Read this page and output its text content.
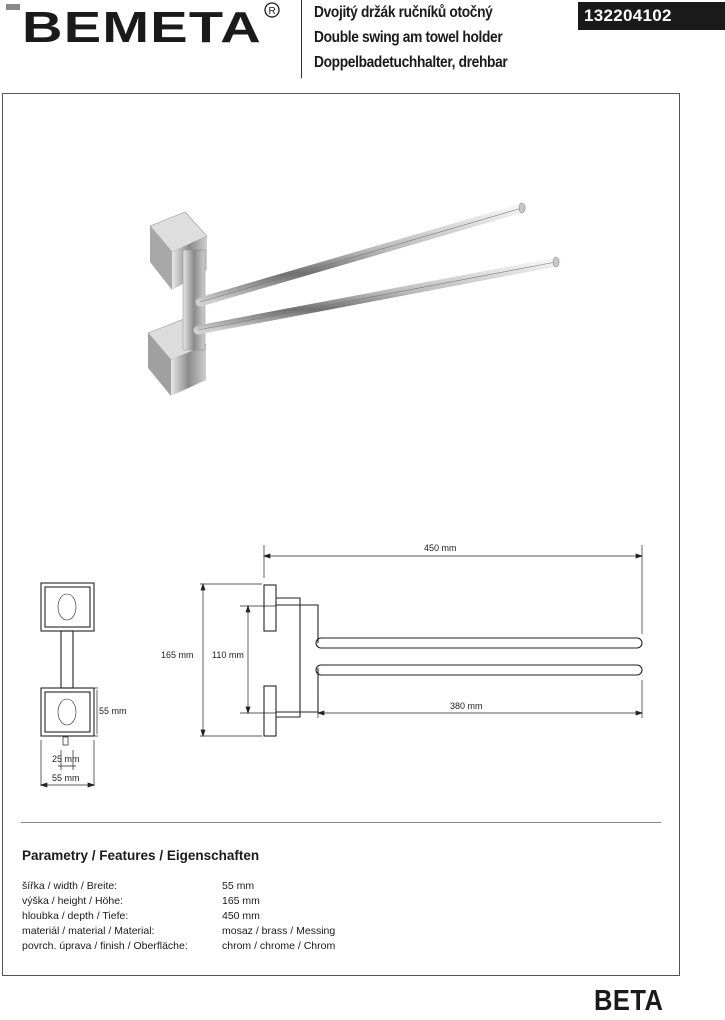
BEMETA R Dvojitý držák ručníků otočný
Double swing am towel holder
Doppelbadetuchhalter, drehbar
132204102
450 mm
380 mm
165 mm 110 mm
55 mm
25 mm
55 mm
Parametry / Features / Eigenschaften
šířka / width / Breite:	55 mm
výška / height / Höhe:	165 mm
hloubka / depth / Tiefe:	450 mm
materiál / material / Material:	mosaz / brass / Messing
povrch. úprava / finish / Oberfläche:	chrom / chrome / Chrom
BETA
